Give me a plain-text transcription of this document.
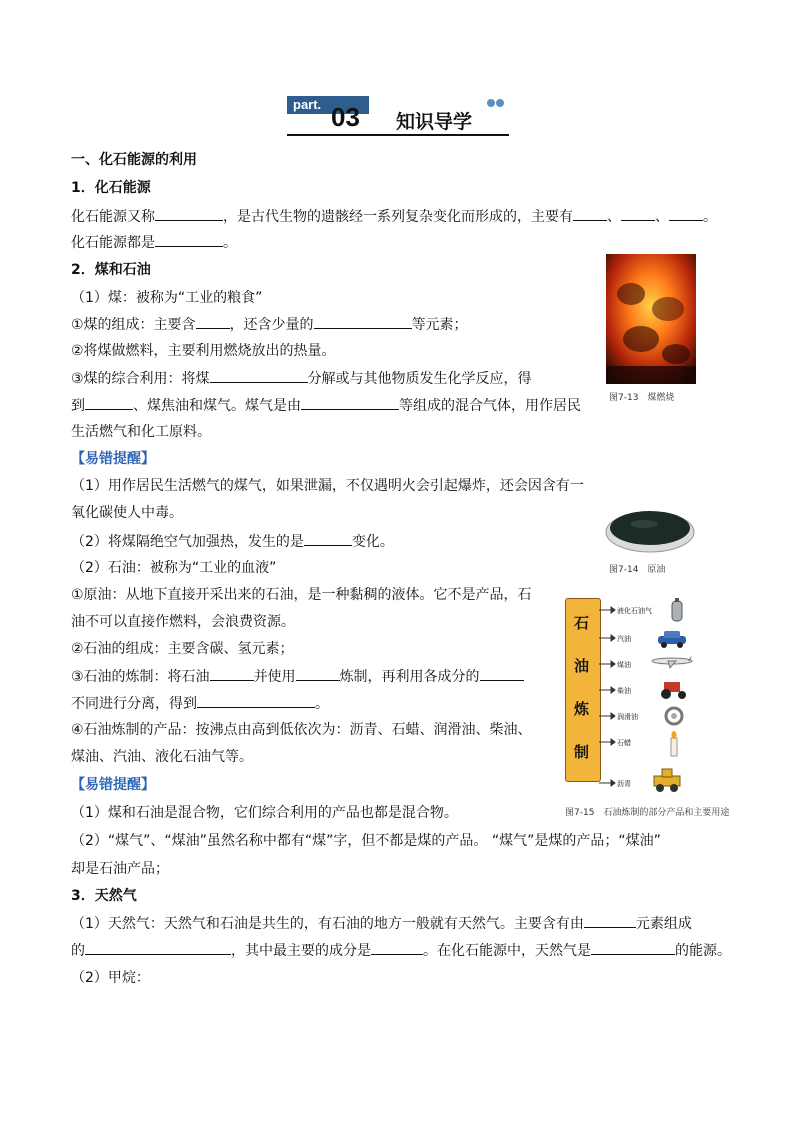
part. 03 知识导学
一、化石能源的利用
1．化石能源
化石能源又称	，是古代生物的遗骸经一系列复杂变化而形成的，主要有 、 、 。
化石能源都是	。
2．煤和石油
（1）煤：被称为“工业的粮食”
①煤的组成：主要含 ，还含少量的	等元素；
②将煤做燃料，主要利用燃烧放出的热量。
③煤的综合利用：将煤	分解或与其他物质发生化学反应，得
到	、煤焦油和煤气。煤气是由	等组成的混合气体，用作居民
生活燃气和化工原料。
【易错提醒】
（1）用作居民生活燃气的煤气，如果泄漏，不仅遇明火会引起爆炸，还会因含有一
氧化碳使人中毒。
（2）将煤隔绝空气加强热，发生的是	变化。
（2）石油：被称为“工业的血液”
①原油：从地下直接开采出来的石油，是一种黏稠的液体。它不是产品，石
油不可以直接作燃料，会浪费资源。
②石油的组成：主要含碳、氢元素；
③石油的炼制：将石油	并使用	炼制，再利用各成分的
不同进行分离，得到	。
④石油炼制的产品：按沸点由高到低依次为：沥青、石蜡、润滑油、柴油、
煤油、汽油、液化石油气等。
【易错提醒】
（1）煤和石油是混合物，它们综合利用的产品也都是混合物。
（2）“煤气”、“煤油”虽然名称中都有“煤”字，但不都是煤的产品。 “煤气”是煤的产品；“煤油”
却是石油产品；
3．天然气
（1）天然气：天然气和石油是共生的，有石油的地方一般就有天然气。主要含有由	元素组成
的	，其中最主要的成分是	。在化石能源中，天然气是	的能源。
（2）甲烷：
图7-13　煤燃烧
图7-14　原油
石
油
炼
制
液化石油气
汽油
煤油
柴油
润滑油
石蜡
沥青
图7-15　石油炼制的部分产品和主要用途
